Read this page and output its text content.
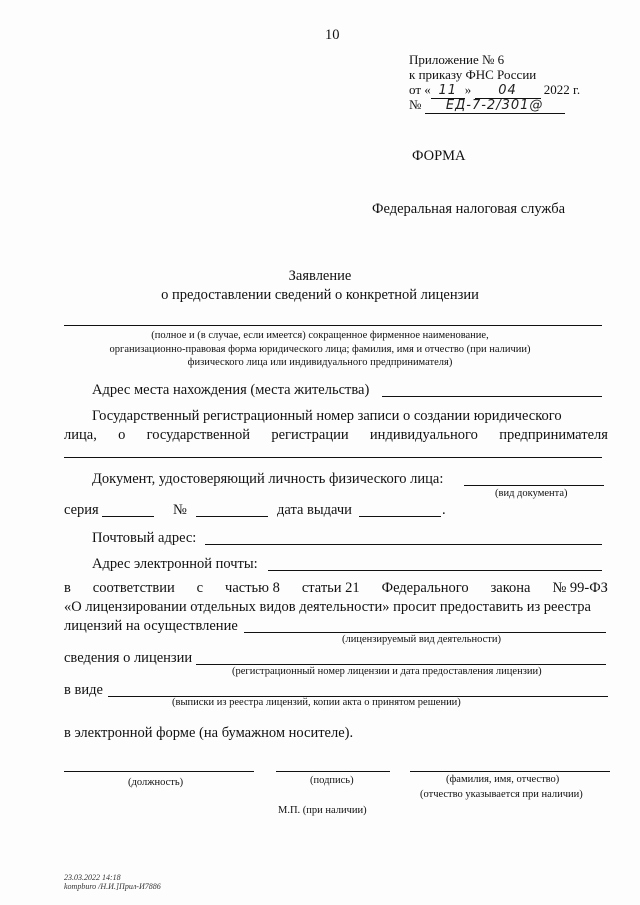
10
Приложение № 6
к приказу ФНС России
от « 11 » 04 2022 г.
№ ЕД-7-2/301@
ФОРМА
Федеральная налоговая служба
Заявление
о предоставлении сведений о конкретной лицензии
(полное и (в случае, если имеется) сокращенное фирменное наименование,
организационно-правовая форма юридического лица; фамилия, имя и отчество (при наличии)
физического лица или индивидуального предпринимателя)
Адрес места нахождения (места жительства)
Государственный регистрационный номер записи о создании юридического
лица, о государственной регистрации индивидуального предпринимателя
Документ, удостоверяющий личность физического лица:
(вид документа)
серия	№	дата выдачи	.
Почтовый адрес:
Адрес электронной почты:
в соответствии с частью 8 статьи 21 Федерального закона № 99-ФЗ
«О лицензировании отдельных видов деятельности» просит предоставить из реестра
лицензий на осуществление
(лицензируемый вид деятельности)
сведения о лицензии
(регистрационный номер лицензии и дата предоставления лицензии)
в виде
(выписки из реестра лицензий, копии акта о принятом решении)
в электронной форме (на бумажном носителе).
(должность)	(подпись)	(фамилия, имя, отчество)
(отчество указывается при наличии)
М.П. (при наличии)
23.03.2022 14:18
kompburo /Н.И.]Прил-И7886
